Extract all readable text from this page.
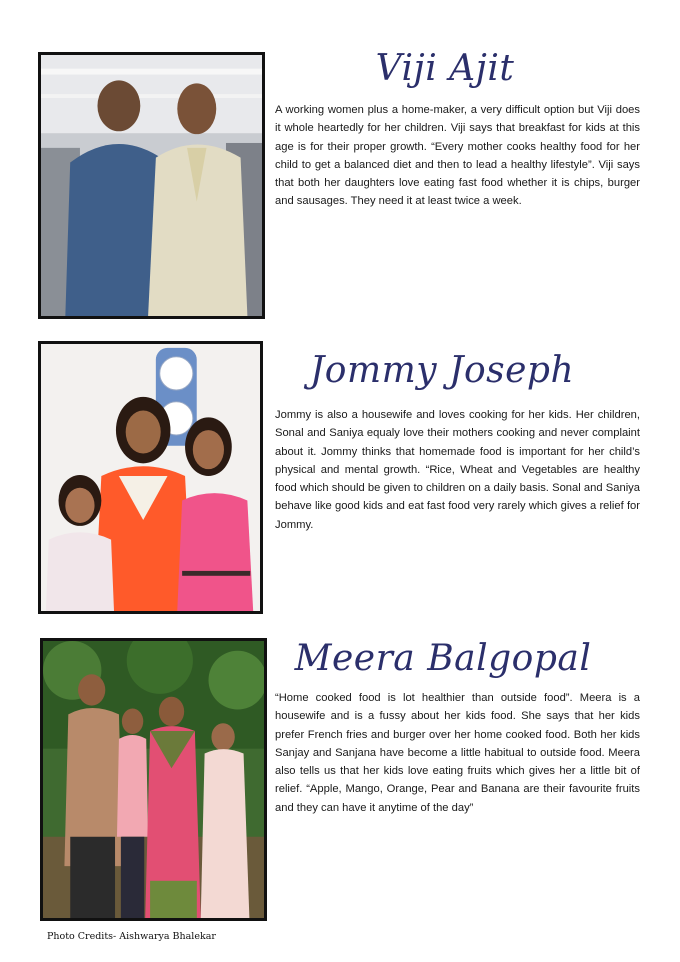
Viji Ajit

A working women plus a home-maker, a very difficult option but Viji does it whole heartedly for her children. Viji says that breakfast for kids at this age is for their proper growth. “Every mother cooks healthy food for her child to get a balanced diet and then to lead a healthy lifestyle”. Viji says that both her daughters love eating fast food whether it is chips, burger and sausages. They need it at least twice a week.

Jommy Joseph

Jommy is also a housewife and loves cooking for her kids. Her children, Sonal and Saniya equaly love their mothers cooking and never complaint about it. Jommy thinks that homemade food is important for her child’s physical and mental growth. “Rice, Wheat and Vegetables are healthy food which should be given to children on a daily basis. Sonal and Saniya behave like good kids and eat fast food very rarely which gives a relief for Jommy.

Meera Balgopal

“Home cooked food is lot healthier than outside food”. Meera is a housewife and is a fussy about her kids food. She says that her kids prefer French fries and burger over her home cooked food. Both her kids Sanjay and Sanjana have become a little habitual to outside food. Meera also tells us that her kids love eating fruits which gives her a little bit of relief. “Apple, Mango, Orange, Pear and Banana are their favourite fruits and they can have it anytime of the day”

Photo Credits- Aishwarya Bhalekar
